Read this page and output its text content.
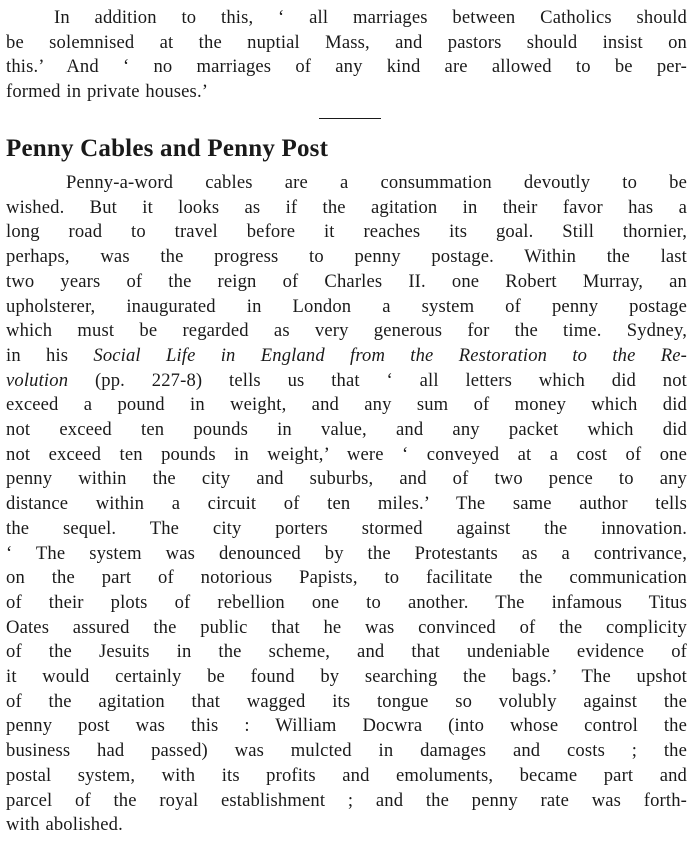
In addition to this, ‘ all marriages between Catholics should
be solemnised at the nuptial Mass, and pastors should insist on
this.’ And ‘ no marriages of any kind are allowed to be per-
formed in private houses.’

Penny Cables and Penny Post

Penny-a-word cables are a consummation devoutly to be
wished. But it looks as if the agitation in their favor has a
long road to travel before it reaches its goal. Still thornier,
perhaps, was the progress to penny postage. Within the last
two years of the reign of Charles II. one Robert Murray, an
upholsterer, inaugurated in London a system of penny postage
which must be regarded as very generous for the time. Sydney,
in his Social Life in England from the Restoration to the Re-
volution (pp. 227-8) tells us that ‘ all letters which did not
exceed a pound in weight, and any sum of money which did
not exceed ten pounds in value, and any packet which did
not exceed ten pounds in weight,’ were ‘ conveyed at a cost of one
penny within the city and suburbs, and of two pence to any
distance within a circuit of ten miles.’ The same author tells
the sequel. The city porters stormed against the innovation.
‘ The system was denounced by the Protestants as a contrivance,
on the part of notorious Papists, to facilitate the communication
of their plots of rebellion one to another. The infamous Titus
Oates assured the public that he was convinced of the complicity
of the Jesuits in the scheme, and that undeniable evidence of
it would certainly be found by searching the bags.’ The upshot
of the agitation that wagged its tongue so volubly against the
penny post was this : William Docwra (into whose control the
business had passed) was mulcted in damages and costs ; the
postal system, with its profits and emoluments, became part and
parcel of the royal establishment ; and the penny rate was forth-
with abolished.
